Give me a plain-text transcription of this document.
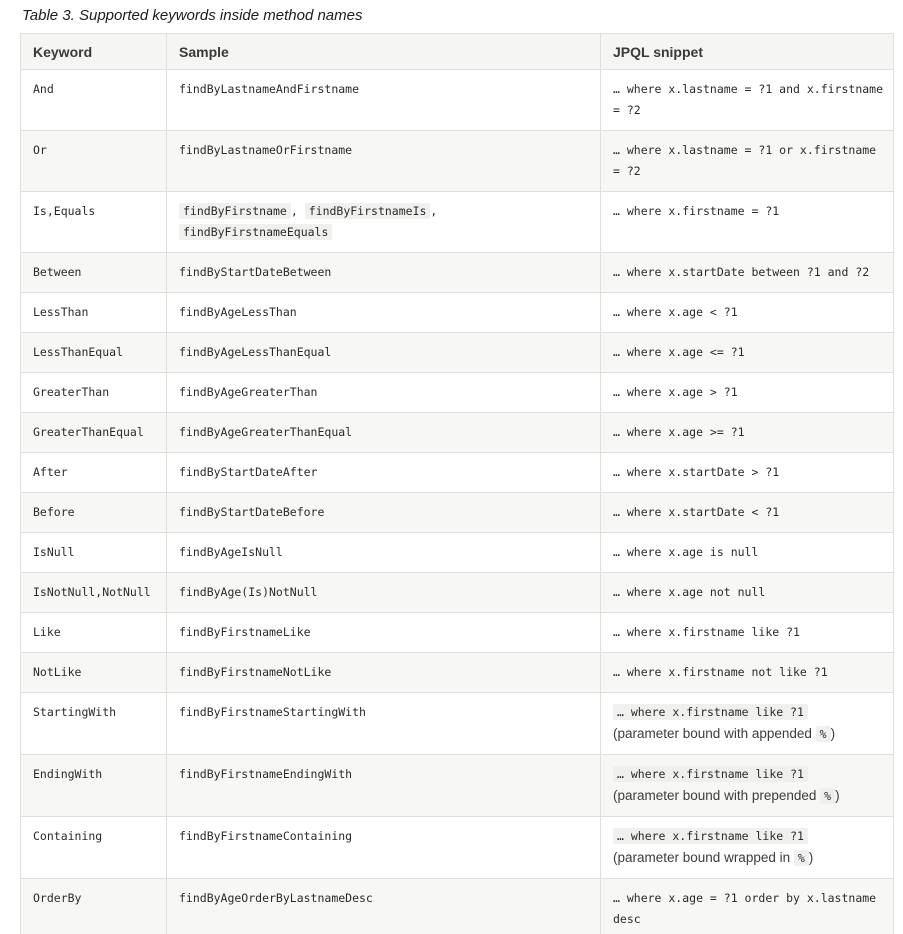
Table 3. Supported keywords inside method names
Keyword	Sample	JPQL snippet
And	findByLastnameAndFirstname	… where x.lastname = ?1 and x.firstname = ?2
Or	findByLastnameOrFirstname	… where x.lastname = ?1 or x.firstname = ?2
Is,Equals	findByFirstname , findByFirstnameIs , findByFirstnameEquals	… where x.firstname = ?1
Between	findByStartDateBetween	… where x.startDate between ?1 and ?2
LessThan	findByAgeLessThan	… where x.age < ?1
LessThanEqual	findByAgeLessThanEqual	… where x.age <= ?1
GreaterThan	findByAgeGreaterThan	… where x.age > ?1
GreaterThanEqual	findByAgeGreaterThanEqual	… where x.age >= ?1
After	findByStartDateAfter	… where x.startDate > ?1
Before	findByStartDateBefore	… where x.startDate < ?1
IsNull	findByAgeIsNull	… where x.age is null
IsNotNull,NotNull	findByAge(Is)NotNull	… where x.age not null
Like	findByFirstnameLike	… where x.firstname like ?1
NotLike	findByFirstnameNotLike	… where x.firstname not like ?1
StartingWith	findByFirstnameStartingWith	… where x.firstname like ?1
(parameter bound with appended % )
EndingWith	findByFirstnameEndingWith	… where x.firstname like ?1
(parameter bound with prepended % )
Containing	findByFirstnameContaining	… where x.firstname like ?1
(parameter bound wrapped in % )
OrderBy	findByAgeOrderByLastnameDesc	… where x.age = ?1 order by x.lastname desc
